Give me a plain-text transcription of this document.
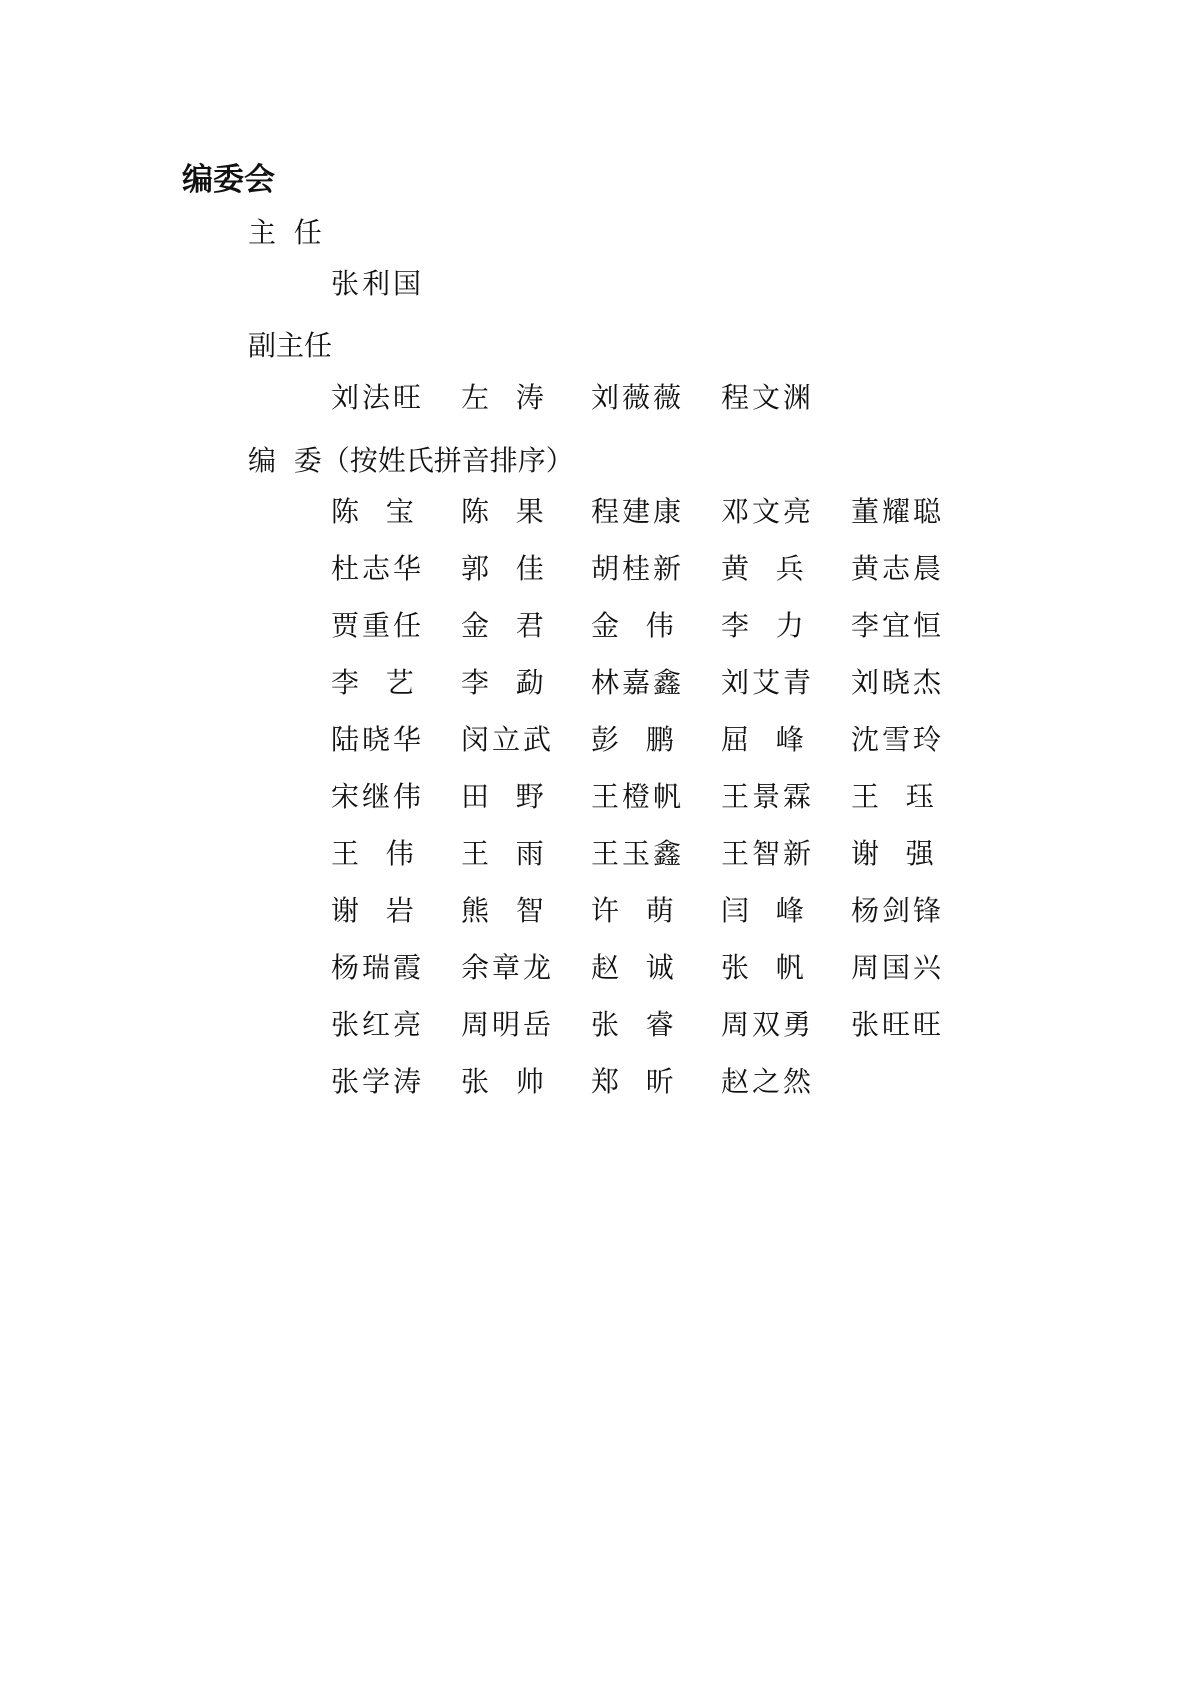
编委会
主  任
张利国
副主任
刘法旺	左  涛	刘薇薇	程文渊
编  委（按姓氏拼音排序）
陈  宝	陈  果	程建康	邓文亮	董耀聪
杜志华	郭  佳	胡桂新	黄  兵	黄志晨
贾重任	金  君	金  伟	李  力	李宜恒
李  艺	李  勐	林嘉鑫	刘艾青	刘晓杰
陆晓华	闵立武	彭  鹏	屈  峰	沈雪玲
宋继伟	田  野	王橙帆	王景霖	王  珏
王  伟	王  雨	王玉鑫	王智新	谢  强
谢  岩	熊  智	许  萌	闫  峰	杨剑锋
杨瑞霞	余章龙	赵  诚	张  帆	周国兴
张红亮	周明岳	张  睿	周双勇	张旺旺
张学涛	张  帅	郑  昕	赵之然
